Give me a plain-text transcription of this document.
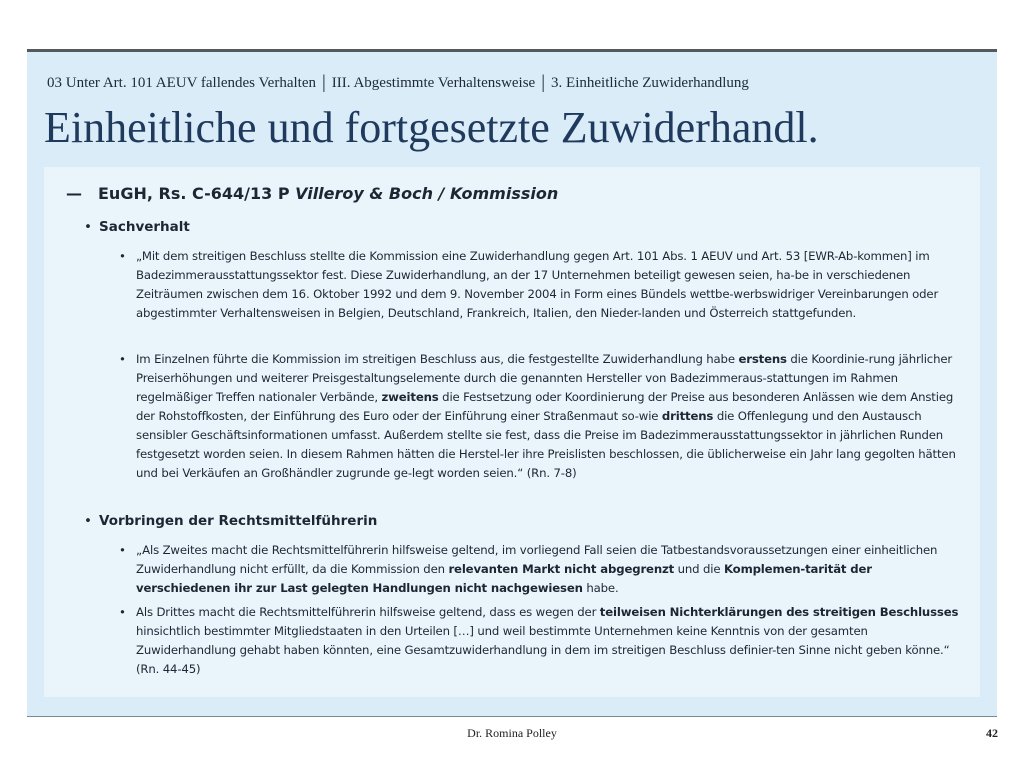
03 Unter Art. 101 AEUV fallendes Verhalten | III. Abgestimmte Verhaltensweise | 3. Einheitliche Zuwiderhandlung
Einheitliche und fortgesetzte Zuwiderhandl.
— EuGH, Rs. C-644/13 P Villeroy & Boch / Kommission
• Sachverhalt
• „Mit dem streitigen Beschluss stellte die Kommission eine Zuwiderhandlung gegen Art. 101 Abs. 1 AEUV und Art. 53 [EWR-Ab-kommen] im Badezimmerausstattungssektor fest. Diese Zuwiderhandlung, an der 17 Unternehmen beteiligt gewesen seien, ha-be in verschiedenen Zeiträumen zwischen dem 16. Oktober 1992 und dem 9. November 2004 in Form eines Bündels wettbe-werbswidriger Vereinbarungen oder abgestimmter Verhaltensweisen in Belgien, Deutschland, Frankreich, Italien, den Nieder-landen und Österreich stattgefunden.
• Im Einzelnen führte die Kommission im streitigen Beschluss aus, die festgestellte Zuwiderhandlung habe erstens die Koordinie-rung jährlicher Preiserhöhungen und weiterer Preisgestaltungselemente durch die genannten Hersteller von Badezimmeraus-stattungen im Rahmen regelmäßiger Treffen nationaler Verbände, zweitens die Festsetzung oder Koordinierung der Preise aus besonderen Anlässen wie dem Anstieg der Rohstoffkosten, der Einführung des Euro oder der Einführung einer Straßenmaut so-wie drittens die Offenlegung und den Austausch sensibler Geschäftsinformationen umfasst. Außerdem stellte sie fest, dass die Preise im Badezimmerausstattungssektor in jährlichen Runden festgesetzt worden seien. In diesem Rahmen hätten die Herstel-ler ihre Preislisten beschlossen, die üblicherweise ein Jahr lang gegolten hätten und bei Verkäufen an Großhändler zugrunde ge-legt worden seien.“ (Rn. 7-8)
• Vorbringen der Rechtsmittelführerin
• „Als Zweites macht die Rechtsmittelführerin hilfsweise geltend, im vorliegend Fall seien die Tatbestandsvoraussetzungen einer einheitlichen Zuwiderhandlung nicht erfüllt, da die Kommission den relevanten Markt nicht abgegrenzt und die Komplemen-tarität der verschiedenen ihr zur Last gelegten Handlungen nicht nachgewiesen habe.
• Als Drittes macht die Rechtsmittelführerin hilfsweise geltend, dass es wegen der teilweisen Nichterklärungen des streitigen Beschlusses hinsichtlich bestimmter Mitgliedstaaten in den Urteilen […] und weil bestimmte Unternehmen keine Kenntnis von der gesamten Zuwiderhandlung gehabt haben könnten, eine Gesamtzuwiderhandlung in dem im streitigen Beschluss definier-ten Sinne nicht geben könne.“ (Rn. 44-45)
Dr. Romina Polley	42
